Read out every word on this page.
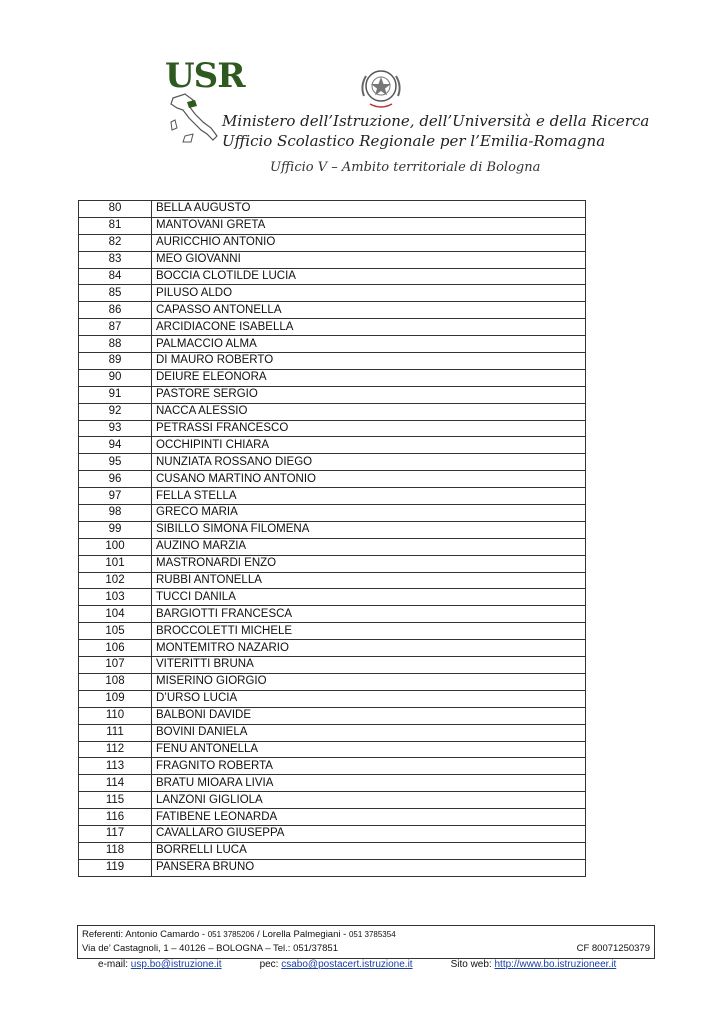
USR
Ministero dell’Istruzione, dell’Università e della Ricerca
Ufficio Scolastico Regionale per l’Emilia-Romagna
Ufficio V – Ambito territoriale di Bologna
80	BELLA AUGUSTO
81	MANTOVANI GRETA
82	AURICCHIO ANTONIO
83	MEO GIOVANNI
84	BOCCIA CLOTILDE LUCIA
85	PILUSO ALDO
86	CAPASSO ANTONELLA
87	ARCIDIACONE ISABELLA
88	PALMACCIO ALMA
89	DI MAURO ROBERTO
90	DEIURE ELEONORA
91	PASTORE SERGIO
92	NACCA ALESSIO
93	PETRASSI FRANCESCO
94	OCCHIPINTI CHIARA
95	NUNZIATA ROSSANO DIEGO
96	CUSANO MARTINO ANTONIO
97	FELLA STELLA
98	GRECO MARIA
99	SIBILLO SIMONA FILOMENA
100	AUZINO MARZIA
101	MASTRONARDI ENZO
102	RUBBI ANTONELLA
103	TUCCI DANILA
104	BARGIOTTI FRANCESCA
105	BROCCOLETTI MICHELE
106	MONTEMITRO NAZARIO
107	VITERITTI BRUNA
108	MISERINO GIORGIO
109	D’URSO LUCIA
110	BALBONI DAVIDE
111	BOVINI DANIELA
112	FENU ANTONELLA
113	FRAGNITO ROBERTA
114	BRATU MIOARA LIVIA
115	LANZONI GIGLIOLA
116	FATIBENE LEONARDA
117	CAVALLARO GIUSEPPA
118	BORRELLI LUCA
119	PANSERA BRUNO
Referenti: Antonio Camardo - 051 3785206 / Lorella Palmegiani - 051 3785354
Via de’ Castagnoli, 1 – 40126 – BOLOGNA – Tel.: 051/37851	CF 80071250379
e-mail: usp.bo@istruzione.it	pec: csabo@postacert.istruzione.it	Sito web: http://www.bo.istruzioneer.it
